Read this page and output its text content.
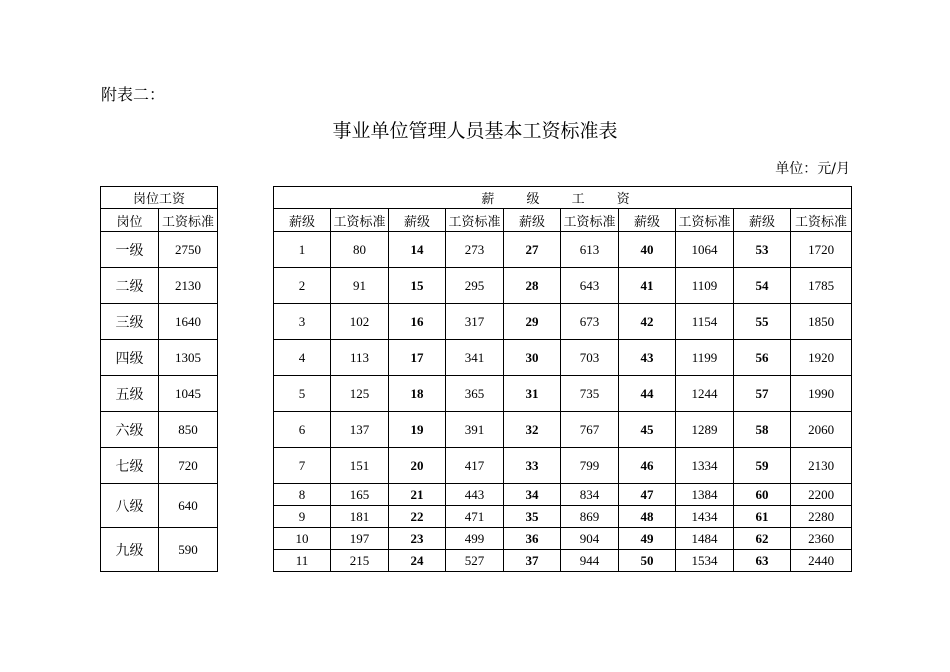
附表二：
事业单位管理人员基本工资标准表
单位：元/月
岗位工资	
岗位	工资标准
一级	2750
二级	2130
三级	1640
四级	1305
五级	1045
六级	850
七级	720
八级	640
九级	590
薪 级 工 资									
薪级	工资标准	薪级	工资标准	薪级	工资标准	薪级	工资标准	薪级	工资标准
1	80	14	273	27	613	40	1064	53	1720
2	91	15	295	28	643	41	1109	54	1785
3	102	16	317	29	673	42	1154	55	1850
4	113	17	341	30	703	43	1199	56	1920
5	125	18	365	31	735	44	1244	57	1990
6	137	19	391	32	767	45	1289	58	2060
7	151	20	417	33	799	46	1334	59	2130
8	165	21	443	34	834	47	1384	60	2200
9	181	22	471	35	869	48	1434	61	2280
10	197	23	499	36	904	49	1484	62	2360
11	215	24	527	37	944	50	1534	63	2440
